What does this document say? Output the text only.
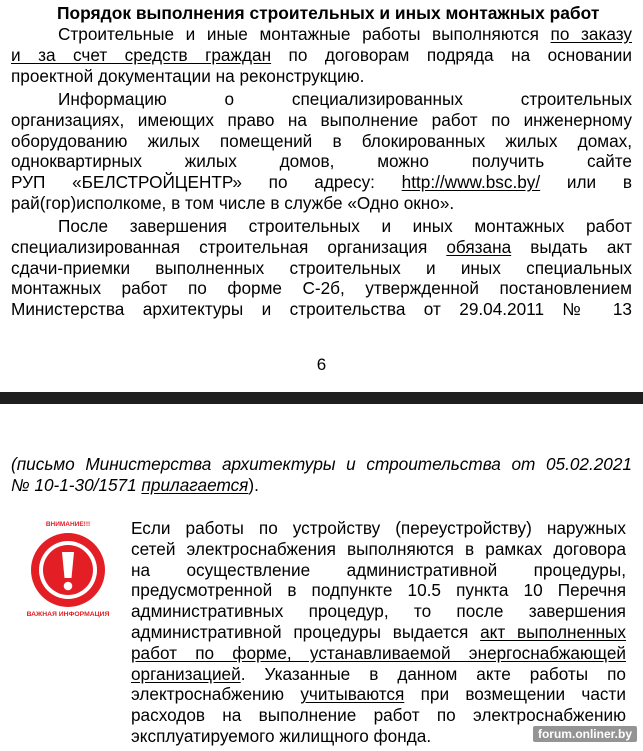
Порядок выполнения строительных и иных монтажных работ
Строительные и иные монтажные работы выполняются по заказу
и за счет средств граждан по договорам подряда на основании
проектной документации на реконструкцию.
Информацию о специализированных строительных
организациях, имеющих право на выполнение работ по инженерному
оборудованию жилых помещений в блокированных жилых домах,
одноквартирных жилых домов, можно получить сайте
РУП «БЕЛСТРОЙЦЕНТР» по адресу: http://www.bsc.by/ или в
рай(гор)исполкоме, в том числе в службе «Одно окно».
После завершения строительных и иных монтажных работ
специализированная строительная организация обязана выдать акт
сдачи-приемки выполненных строительных и иных специальных
монтажных работ по форме С-2б, утвержденной постановлением
Министерства архитектуры и строительства от 29.04.2011 № 13
6
(письмо Министерства архитектуры и строительства от 05.02.2021
№ 10-1-30/1571 прилагается).
ВНИМАНИЕ!!!
ВАЖНАЯ ИНФОРМАЦИЯ
Если работы по устройству (переустройству) наружных
сетей электроснабжения выполняются в рамках договора
на осуществление административной процедуры,
предусмотренной в подпункте 10.5 пункта 10 Перечня
административных процедур, то после завершения
административной процедуры выдается акт выполненных
работ по форме, устанавливаемой энергоснабжающей
организацией. Указанные в данном акте работы по
электроснабжению учитываются при возмещении части
расходов на выполнение работ по электроснабжению
эксплуатируемого жилищного фонда.	forum.onliner.by
